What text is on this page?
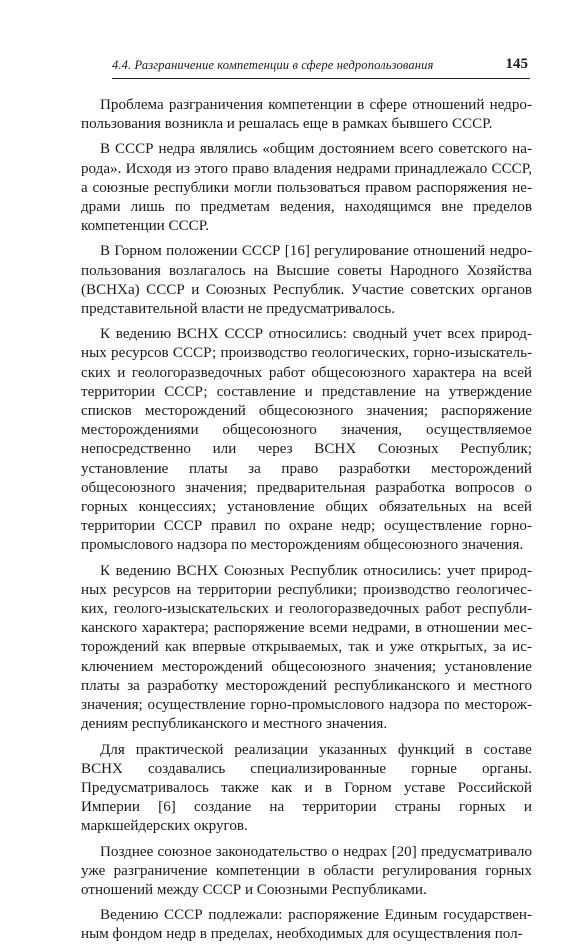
4.4. Разграничение компетенции в сфере недропользования	145

Проблема разграничения компетенции в сфере отношений недропользования возникла и решалась еще в рамках бывшего СССР.

В СССР недра являлись «общим достоянием всего советского народа». Исходя из этого право владения недрами принадлежало СССР, а союзные республики могли пользоваться правом распоряжения недрами лишь по предметам ведения, находящимся вне пределов компетенции СССР.

В Горном положении СССР [16] регулирование отношений недропользования возлагалось на Высшие советы Народного Хозяйства (ВСНХа) СССР и Союзных Республик. Участие советских органов представительной власти не предусматривалось.

К ведению ВСНХ СССР относились: сводный учет всех природных ресурсов СССР; производство геологических, горно-изыскательских и геологоразведочных работ общесоюзного характера на всей территории СССР; составление и представление на утверждение списков месторождений общесоюзного значения; распоряжение месторождениями общесоюзного значения, осуществляемое непосредственно или через ВСНХ Союзных Республик; установление платы за право разработки месторождений общесоюзного значения; предварительная разработка вопросов о горных концессиях; установление общих обязательных на всей территории СССР правил по охране недр; осуществление горно-промыслового надзора по месторождениям общесоюзного значения.

К ведению ВСНХ Союзных Республик относились: учет природных ресурсов на территории республики; производство геологических, геолого-изыскательских и геологоразведочных работ республиканского характера; распоряжение всеми недрами, в отношении месторождений как впервые открываемых, так и уже открытых, за исключением месторождений общесоюзного значения; установление платы за разработку месторождений республиканского и местного значения; осуществление горно-промыслового надзора по месторождениям республиканского и местного значения.

Для практической реализации указанных функций в составе ВСНХ создавались специализированные горные органы. Предусматривалось также как и в Горном уставе Российской Империи [6] создание на территории страны горных и маркшейдерских округов.

Позднее союзное законодательство о недрах [20] предусматривало уже разграничение компетенции в области регулирования горных отношений между СССР и Союзными Республиками.

Ведению СССР подлежали: распоряжение Единым государственным фондом недр в пределах, необходимых для осуществления пол-
